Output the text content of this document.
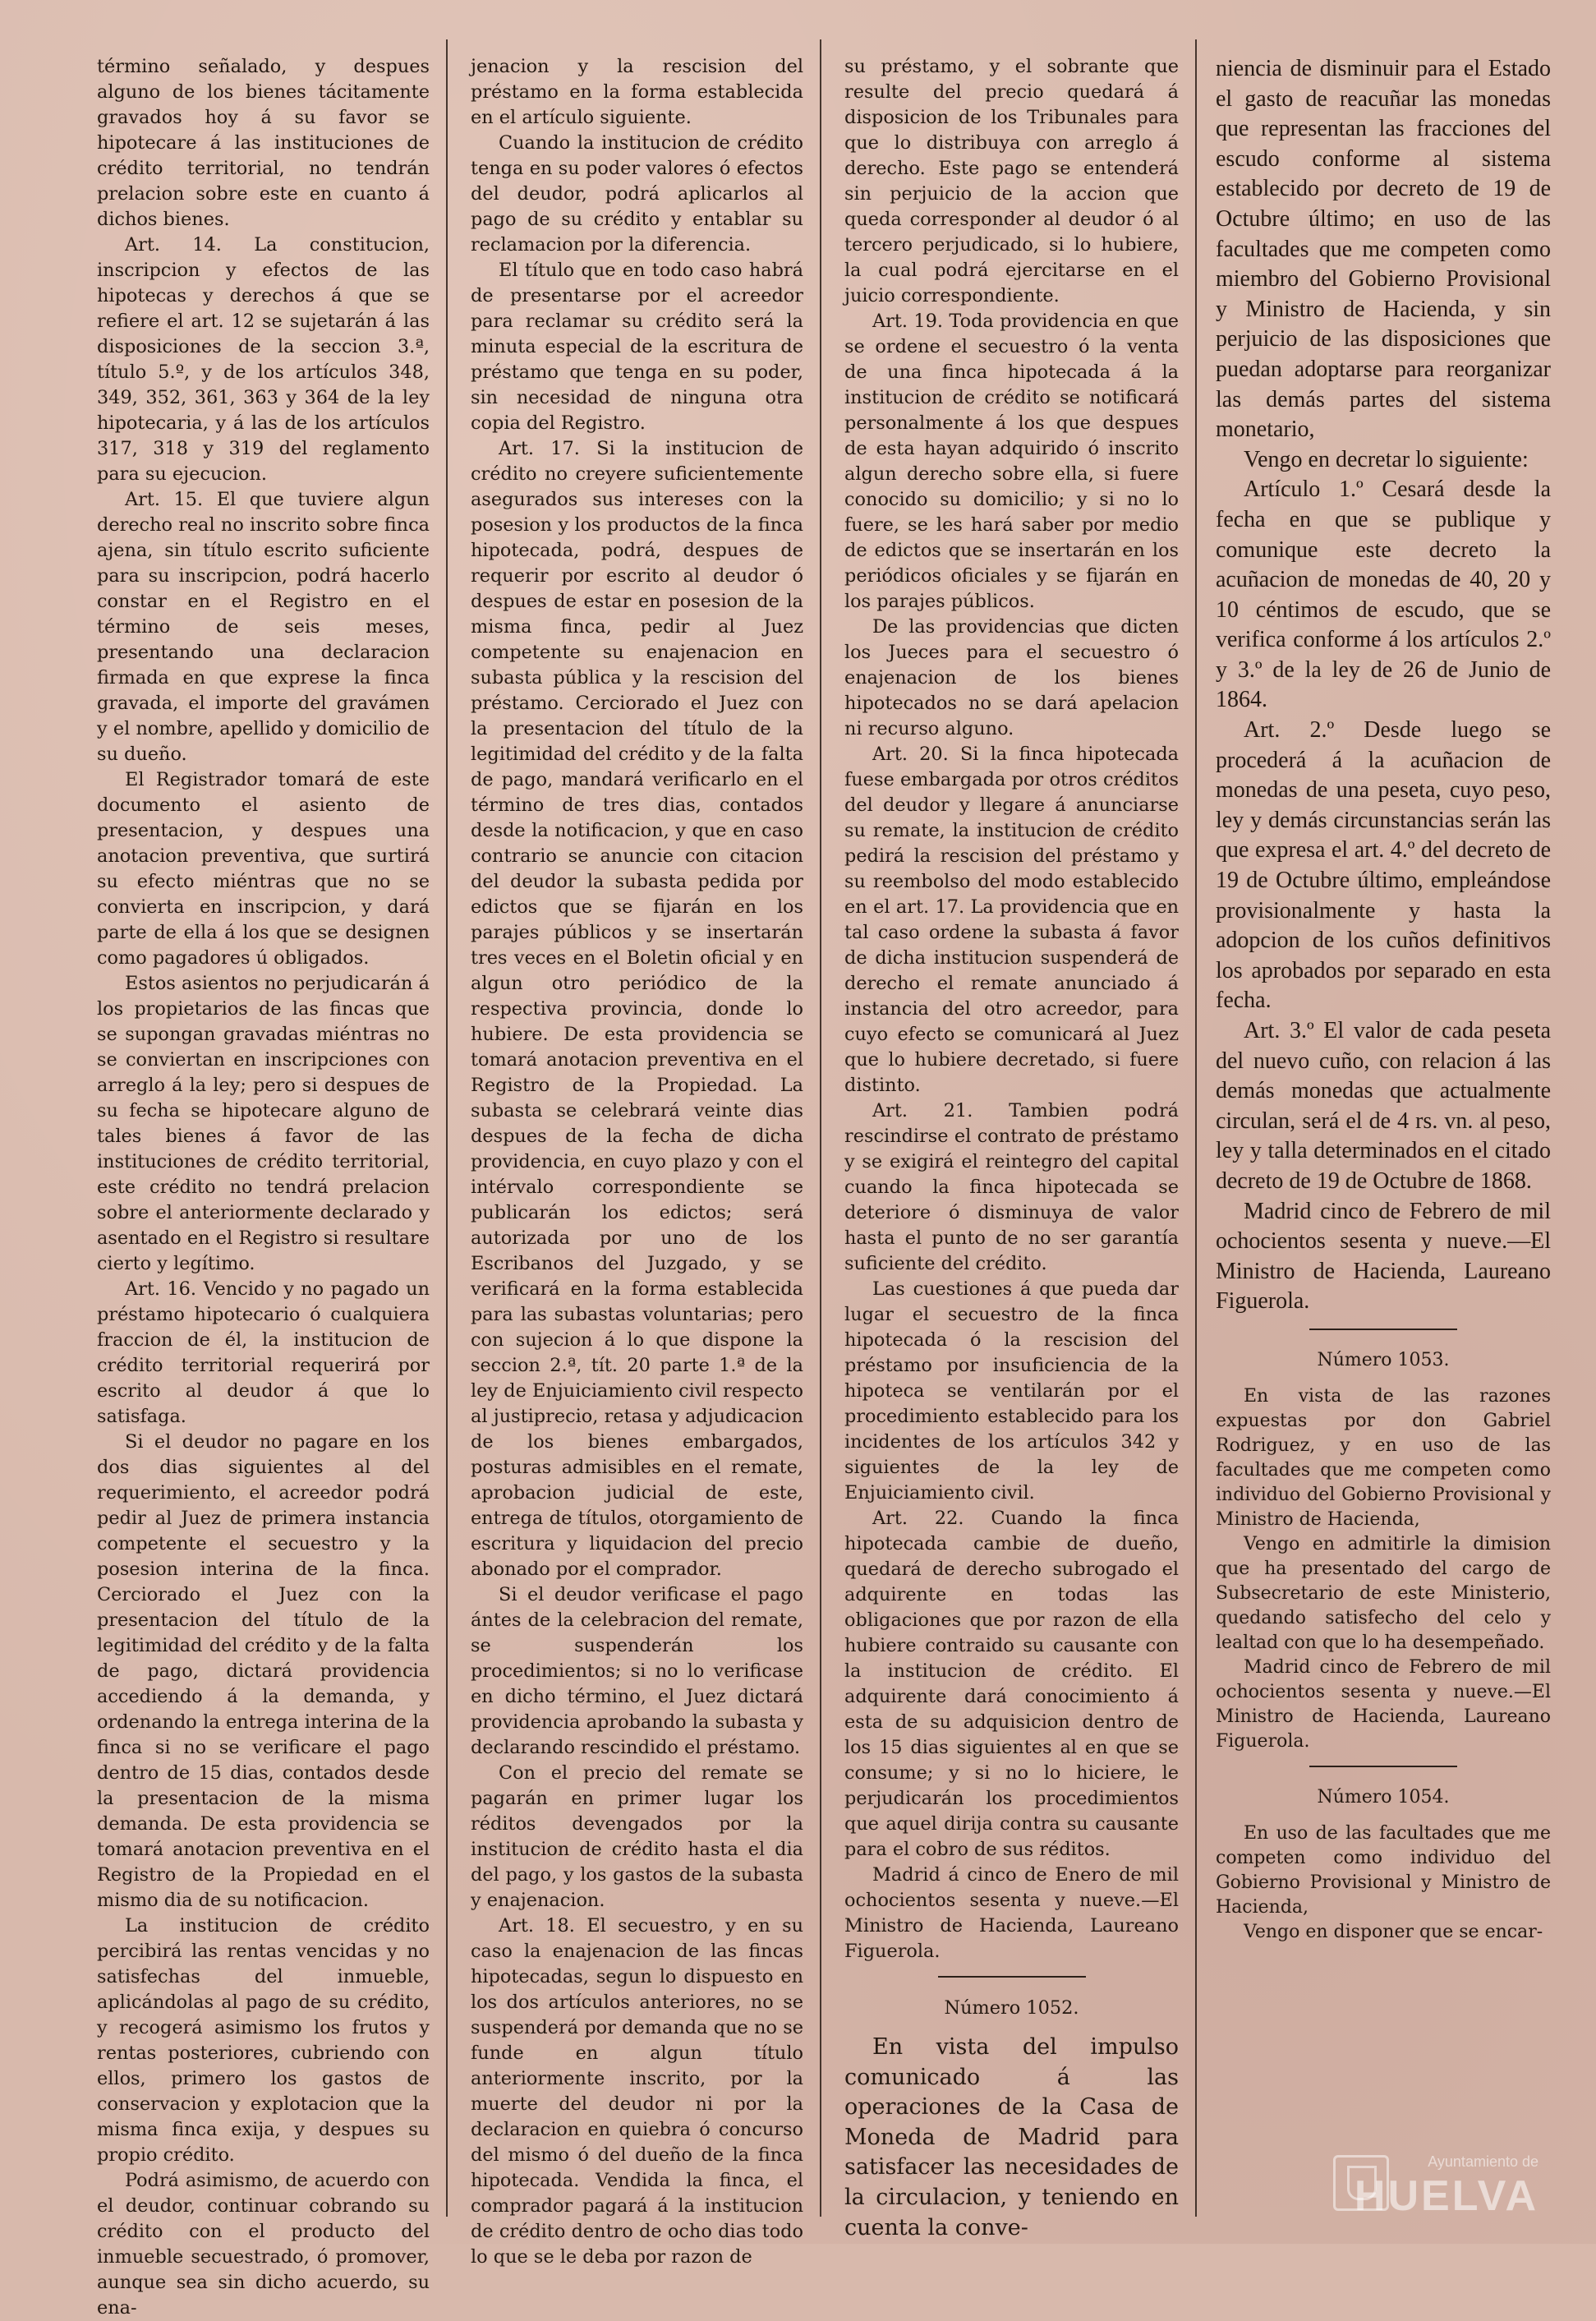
término señalado, y despues alguno de los bienes tácitamente gravados hoy á su favor se hipotecare á las instituciones de crédito territorial, no tendrán prelacion sobre este en cuanto á dichos bienes.

Art. 14. La constitucion, inscripcion y efectos de las hipotecas y derechos á que se refiere el art. 12 se sujetarán á las disposiciones de la seccion 3.ª, título 5.º, y de los artículos 348, 349, 352, 361, 363 y 364 de la ley hipotecaria, y á las de los artículos 317, 318 y 319 del reglamento para su ejecucion.

Art. 15. El que tuviere algun derecho real no inscrito sobre finca ajena, sin título escrito suficiente para su inscripcion, podrá hacerlo constar en el Registro en el término de seis meses, presentando una declaracion firmada en que exprese la finca gravada, el importe del gravámen y el nombre, apellido y domicilio de su dueño.

El Registrador tomará de este documento el asiento de presentacion, y despues una anotacion preventiva, que surtirá su efecto miéntras que no se convierta en inscripcion, y dará parte de ella á los que se designen como pagadores ú obligados.

Estos asientos no perjudicarán á los propietarios de las fincas que se supongan gravadas miéntras no se conviertan en inscripciones con arreglo á la ley; pero si despues de su fecha se hipotecare alguno de tales bienes á favor de las instituciones de crédito territorial, este crédito no tendrá prelacion sobre el anteriormente declarado y asentado en el Registro si resultare cierto y legítimo.

Art. 16. Vencido y no pagado un préstamo hipotecario ó cualquiera fraccion de él, la institucion de crédito territorial requerirá por escrito al deudor á que lo satisfaga.

Si el deudor no pagare en los dos dias siguientes al del requerimiento, el acreedor podrá pedir al Juez de primera instancia competente el secuestro y la posesion interina de la finca. Cerciorado el Juez con la presentacion del título de la legitimidad del crédito y de la falta de pago, dictará providencia accediendo á la demanda, y ordenando la entrega interina de la finca si no se verificare el pago dentro de 15 dias, contados desde la presentacion de la misma demanda. De esta providencia se tomará anotacion preventiva en el Registro de la Propiedad en el mismo dia de su notificacion.

La institucion de crédito percibirá las rentas vencidas y no satisfechas del inmueble, aplicándolas al pago de su crédito, y recogerá asimismo los frutos y rentas posteriores, cubriendo con ellos, primero los gastos de conservacion y explotacion que la misma finca exija, y despues su propio crédito.

Podrá asimismo, de acuerdo con el deudor, continuar cobrando su crédito con el producto del inmueble secuestrado, ó promover, aunque sea sin dicho acuerdo, su ena-

jenacion y la rescision del préstamo en la forma establecida en el artículo siguiente.

Cuando la institucion de crédito tenga en su poder valores ó efectos del deudor, podrá aplicarlos al pago de su crédito y entablar su reclamacion por la diferencia.

El título que en todo caso habrá de presentarse por el acreedor para reclamar su crédito será la minuta especial de la escritura de préstamo que tenga en su poder, sin necesidad de ninguna otra copia del Registro.

Art. 17. Si la institucion de crédito no creyere suficientemente asegurados sus intereses con la posesion y los productos de la finca hipotecada, podrá, despues de requerir por escrito al deudor ó despues de estar en posesion de la misma finca, pedir al Juez competente su enajenacion en subasta pública y la rescision del préstamo. Cerciorado el Juez con la presentacion del título de la legitimidad del crédito y de la falta de pago, mandará verificarlo en el término de tres dias, contados desde la notificacion, y que en caso contrario se anuncie con citacion del deudor la subasta pedida por edictos que se fijarán en los parajes públicos y se insertarán tres veces en el Boletin oficial y en algun otro periódico de la respectiva provincia, donde lo hubiere. De esta providencia se tomará anotacion preventiva en el Registro de la Propiedad. La subasta se celebrará veinte dias despues de la fecha de dicha providencia, en cuyo plazo y con el intérvalo correspondiente se publicarán los edictos; será autorizada por uno de los Escribanos del Juzgado, y se verificará en la forma establecida para las subastas voluntarias; pero con sujecion á lo que dispone la seccion 2.ª, tít. 20 parte 1.ª de la ley de Enjuiciamiento civil respecto al justiprecio, retasa y adjudicacion de los bienes embargados, posturas admisibles en el remate, aprobacion judicial de este, entrega de títulos, otorgamiento de escritura y liquidacion del precio abonado por el comprador.

Si el deudor verificase el pago ántes de la celebracion del remate, se suspenderán los procedimientos; si no lo verificase en dicho término, el Juez dictará providencia aprobando la subasta y declarando rescindido el préstamo.

Con el precio del remate se pagarán en primer lugar los réditos devengados por la institucion de crédito hasta el dia del pago, y los gastos de la subasta y enajenacion.

Art. 18. El secuestro, y en su caso la enajenacion de las fincas hipotecadas, segun lo dispuesto en los dos artículos anteriores, no se suspenderá por demanda que no se funde en algun título anteriormente inscrito, por la muerte del deudor ni por la declaracion en quiebra ó concurso del mismo ó del dueño de la finca hipotecada. Vendida la finca, el comprador pagará á la institucion de crédito dentro de ocho dias todo lo que se le deba por razon de

su préstamo, y el sobrante que resulte del precio quedará á disposicion de los Tribunales para que lo distribuya con arreglo á derecho. Este pago se entenderá sin perjuicio de la accion que queda corresponder al deudor ó al tercero perjudicado, si lo hubiere, la cual podrá ejercitarse en el juicio correspondiente.

Art. 19. Toda providencia en que se ordene el secuestro ó la venta de una finca hipotecada á la institucion de crédito se notificará personalmente á los que despues de esta hayan adquirido ó inscrito algun derecho sobre ella, si fuere conocido su domicilio; y si no lo fuere, se les hará saber por medio de edictos que se insertarán en los periódicos oficiales y se fijarán en los parajes públicos.

De las providencias que dicten los Jueces para el secuestro ó enajenacion de los bienes hipotecados no se dará apelacion ni recurso alguno.

Art. 20. Si la finca hipotecada fuese embargada por otros créditos del deudor y llegare á anunciarse su remate, la institucion de crédito pedirá la rescision del préstamo y su reembolso del modo establecido en el art. 17. La providencia que en tal caso ordene la subasta á favor de dicha institucion suspenderá de derecho el remate anunciado á instancia del otro acreedor, para cuyo efecto se comunicará al Juez que lo hubiere decretado, si fuere distinto.

Art. 21. Tambien podrá rescindirse el contrato de préstamo y se exigirá el reintegro del capital cuando la finca hipotecada se deteriore ó disminuya de valor hasta el punto de no ser garantía suficiente del crédito.

Las cuestiones á que pueda dar lugar el secuestro de la finca hipotecada ó la rescision del préstamo por insuficiencia de la hipoteca se ventilarán por el procedimiento establecido para los incidentes de los artículos 342 y siguientes de la ley de Enjuiciamiento civil.

Art. 22. Cuando la finca hipotecada cambie de dueño, quedará de derecho subrogado el adquirente en todas las obligaciones que por razon de ella hubiere contraido su causante con la institucion de crédito. El adquirente dará conocimiento á esta de su adquisicion dentro de los 15 dias siguientes al en que se consume; y si no lo hiciere, le perjudicarán los procedimientos que aquel dirija contra su causante para el cobro de sus réditos.

Madrid á cinco de Enero de mil ochocientos sesenta y nueve.—El Ministro de Hacienda, Laureano Figuerola.

Número 1052.

En vista del impulso comunicado á las operaciones de la Casa de Moneda de Madrid para satisfacer las necesidades de la circulacion, y teniendo en cuenta la conve-

niencia de disminuir para el Estado el gasto de reacuñar las monedas que representan las fracciones del escudo conforme al sistema establecido por decreto de 19 de Octubre último; en uso de las facultades que me competen como miembro del Gobierno Provisional y Ministro de Hacienda, y sin perjuicio de las disposiciones que puedan adoptarse para reorganizar las demás partes del sistema monetario,

Vengo en decretar lo siguiente:

Artículo 1.º Cesará desde la fecha en que se publique y comunique este decreto la acuñacion de monedas de 40, 20 y 10 céntimos de escudo, que se verifica conforme á los artículos 2.º y 3.º de la ley de 26 de Junio de 1864.

Art. 2.º Desde luego se procederá á la acuñacion de monedas de una peseta, cuyo peso, ley y demás circunstancias serán las que expresa el art. 4.º del decreto de 19 de Octubre último, empleándose provisionalmente y hasta la adopcion de los cuños definitivos los aprobados por separado en esta fecha.

Art. 3.º El valor de cada peseta del nuevo cuño, con relacion á las demás monedas que actualmente circulan, será el de 4 rs. vn. al peso, ley y talla determinados en el citado decreto de 19 de Octubre de 1868.

Madrid cinco de Febrero de mil ochocientos sesenta y nueve.—El Ministro de Hacienda, Laureano Figuerola.

Número 1053.

En vista de las razones expuestas por don Gabriel Rodriguez, y en uso de las facultades que me competen como individuo del Gobierno Provisional y Ministro de Hacienda,

Vengo en admitirle la dimision que ha presentado del cargo de Subsecretario de este Ministerio, quedando satisfecho del celo y lealtad con que lo ha desempeñado.

Madrid cinco de Febrero de mil ochocientos sesenta y nueve.—El Ministro de Hacienda, Laureano Figuerola.

Número 1054.

En uso de las facultades que me competen como individuo del Gobierno Provisional y Ministro de Hacienda,

Vengo en disponer que se encar-

Ayuntamiento de
HUELVA
